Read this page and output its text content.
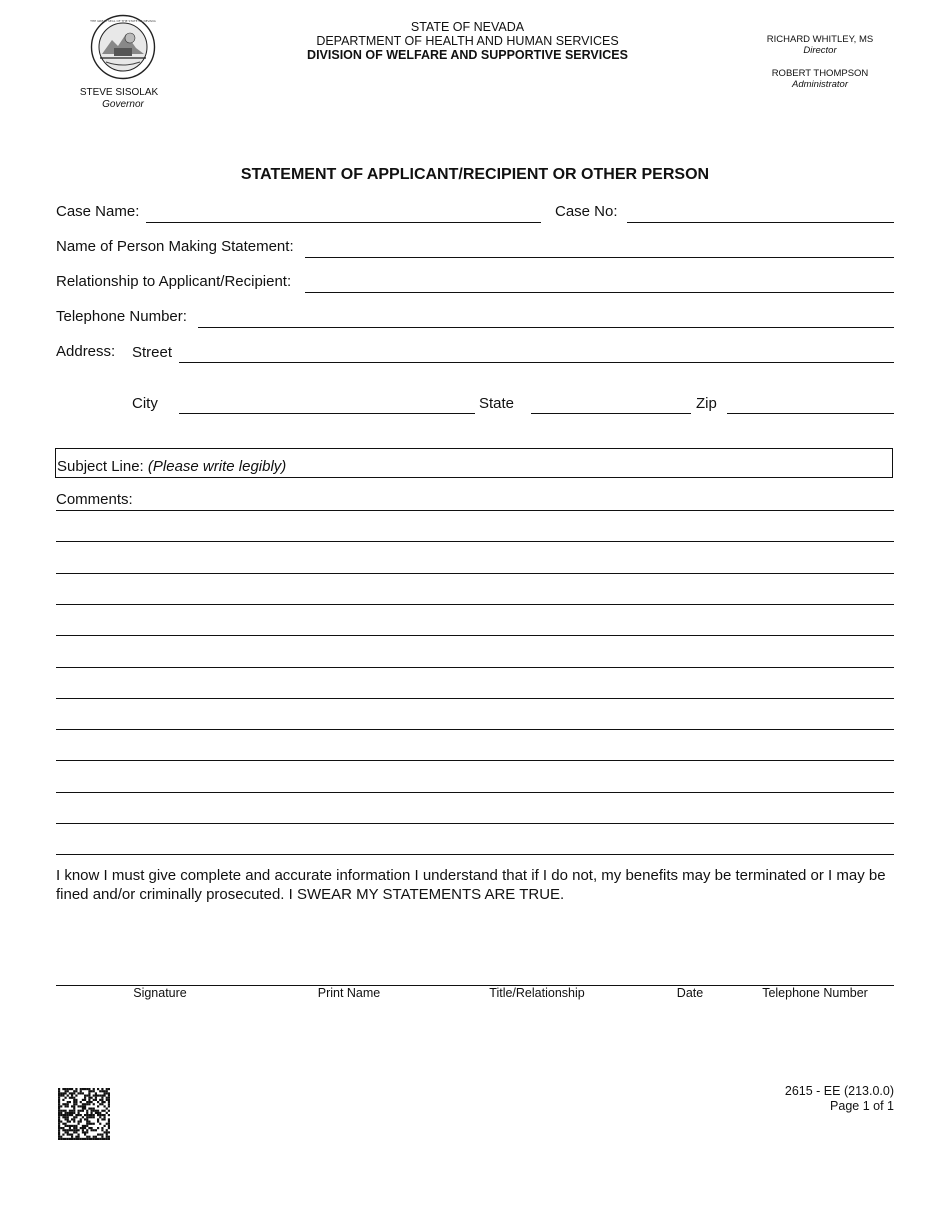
THE GREAT SEAL OF THE STATE OF NEVADA
STEVE SISOLAK
Governor
STATE OF NEVADA
DEPARTMENT OF HEALTH AND HUMAN SERVICES
DIVISION OF WELFARE AND SUPPORTIVE SERVICES
RICHARD WHITLEY, MS
Director
ROBERT THOMPSON
Administrator
STATEMENT OF APPLICANT/RECIPIENT OR OTHER PERSON
Case Name:	Case No:
Name of Person Making Statement:
Relationship to Applicant/Recipient:
Telephone Number:
Address: Street
City	State	Zip
Subject Line: (Please write legibly)
Comments:
I know I must give complete and accurate information I understand that if I do not, my benefits may be terminated or I may be fined and/or criminally prosecuted. I SWEAR MY STATEMENTS ARE TRUE.
Signature	Print Name	Title/Relationship	Date	Telephone Number
2615 - EE (213.0.0)
Page 1 of 1
